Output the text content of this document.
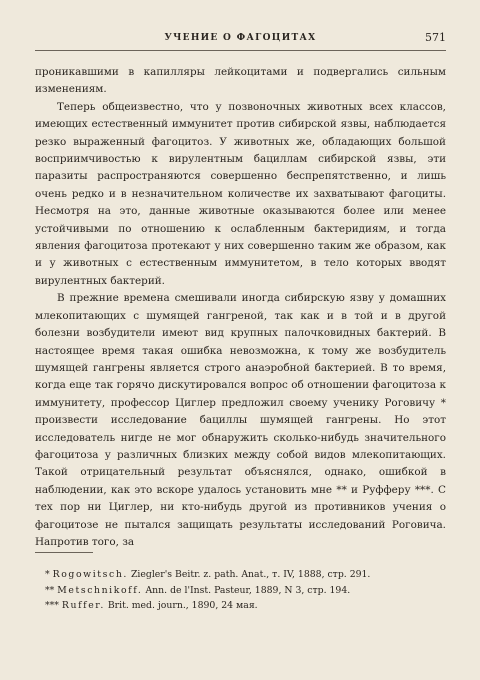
УЧЕНИЕ О ФАГОЦИТАХ	571

проникавшими в капилляры лейкоцитами и подвергались сильным изменениям.

Теперь общеизвестно, что у позвоночных животных всех классов, имеющих естественный иммунитет против сибирской язвы, наблюдается резко выраженный фагоцитоз. У животных же, обладающих большой восприимчивостью к вирулентным бациллам сибирской язвы, эти паразиты распространяются совершенно беспрепятственно, и лишь очень редко и в незначительном количестве их захватывают фагоциты. Несмотря на это, данные животные оказываются более или менее устойчивыми по отношению к ослабленным бактеридиям, и тогда явления фагоцитоза протекают у них совершенно таким же образом, как и у животных с естественным иммунитетом, в тело которых вводят вирулентных бактерий.

В прежние времена смешивали иногда сибирскую язву у домашних млекопитающих с шумящей гангреной, так как и в той и в другой болезни возбудители имеют вид крупных палочковидных бактерий. В настоящее время такая ошибка невозможна, к тому же возбудитель шумящей гангрены является строго анаэробной бактерией. В то время, когда еще так горячо дискутировался вопрос об отношении фагоцитоза к иммунитету, профессор Циглер предложил своему ученику Роговичу * произвести исследование бациллы шумящей гангрены. Но этот исследователь нигде не мог обнаружить сколько-нибудь значительного фагоцитоза у различных близких между собой видов млекопитающих. Такой отрицательный результат объяснялся, однако, ошибкой в наблюдении, как это вскоре удалось установить мне ** и Руфферу ***. С тех пор ни Циглер, ни кто-нибудь другой из противников учения о фагоцитозе не пытался защищать результаты исследований Роговича. Напротив того, за

* Rogowitsch. Ziegler's Beitr. z. path. Anat., т. IV, 1888, стр. 291.

** Metschnikoff. Ann. de l'Inst. Pasteur, 1889, N 3, стр. 194.

*** Ruffer. Brit. med. journ., 1890, 24 мая.
